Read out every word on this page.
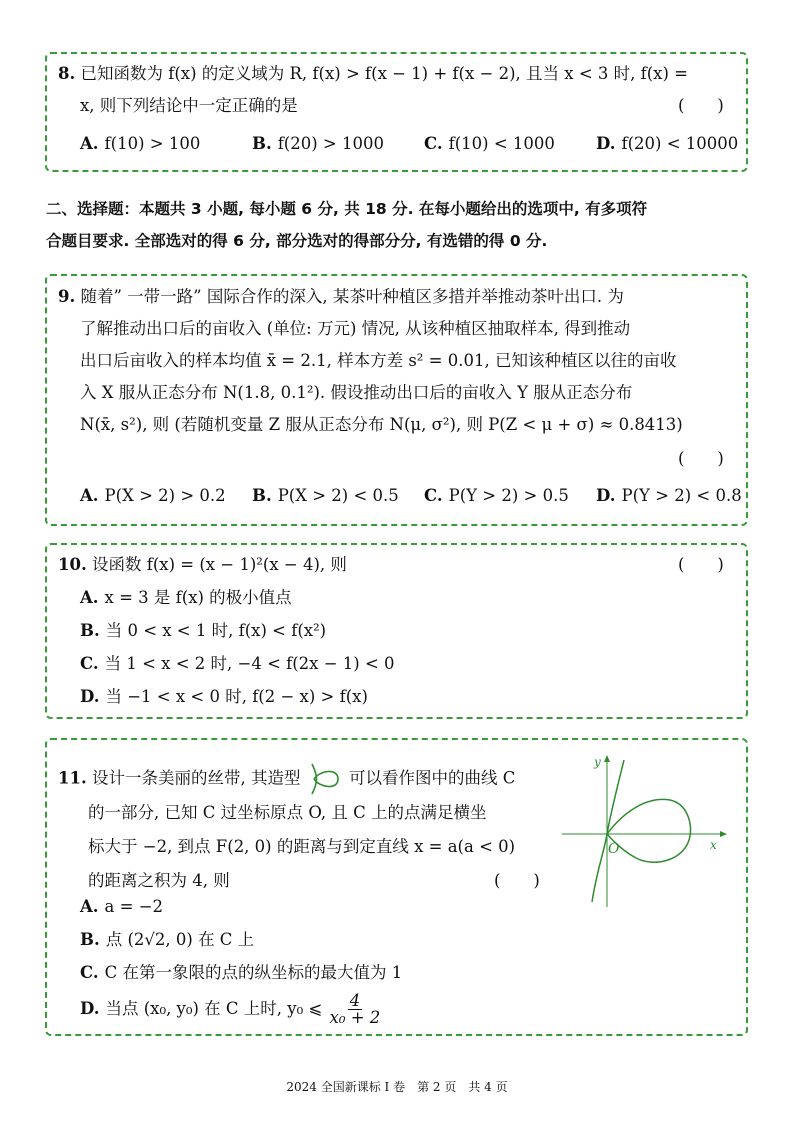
8. 已知函数为 f(x) 的定义域为 R, f(x) > f(x − 1) + f(x − 2), 且当 x < 3 时, f(x) =
x, 则下列结论中一定正确的是	(　　)
A. f(10) > 100	B. f(20) > 1000 C. f(10) < 1000 D. f(20) < 10000
二、选择题：本题共 3 小题, 每小题 6 分, 共 18 分. 在每小题给出的选项中, 有多项符
合题目要求. 全部选对的得 6 分, 部分选对的得部分分, 有选错的得 0 分.
9. 随着” 一带一路” 国际合作的深入, 某茶叶种植区多措并举推动茶叶出口. 为
了解推动出口后的亩收入 (单位: 万元) 情况, 从该种植区抽取样本, 得到推动
出口后亩收入的样本均值 x̄ = 2.1, 样本方差 s² = 0.01, 已知该种植区以往的亩收
入 X 服从正态分布 N(1.8, 0.1²). 假设推动出口后的亩收入 Y 服从正态分布
N(x̄, s²), 则 (若随机变量 Z 服从正态分布 N(μ, σ²), 则 P(Z < μ + σ) ≈ 0.8413)
(　　)
A. P(X > 2) > 0.2 B. P(X > 2) < 0.5 C. P(Y > 2) > 0.5 D. P(Y > 2) < 0.8
10. 设函数 f(x) = (x − 1)²(x − 4), 则	(　　)
A. x = 3 是 f(x) 的极小值点
B. 当 0 < x < 1 时, f(x) < f(x²)
C. 当 1 < x < 2 时, −4 < f(2x − 1) < 0
D. 当 −1 < x < 0 时, f(2 − x) > f(x)
11. 设计一条美丽的丝带, 其造型	可以看作图中的曲线 C
的一部分, 已知 C 过坐标原点 O, 且 C 上的点满足横坐
标大于 −2, 到点 F(2, 0) 的距离与到定直线 x = a(a < 0)
的距离之积为 4, 则	(　　)
A. a = −2
B. 点 (2√2, 0) 在 C 上
C. C 在第一象限的点的纵坐标的最大值为 1
D. 当点 (x₀, y₀) 在 C 上时, y₀ ⩽ $\frac{4}{\text{x₀ + 2}}$
y
x
O
2024 全国新课标 I 卷　第 2 页　共 4 页
